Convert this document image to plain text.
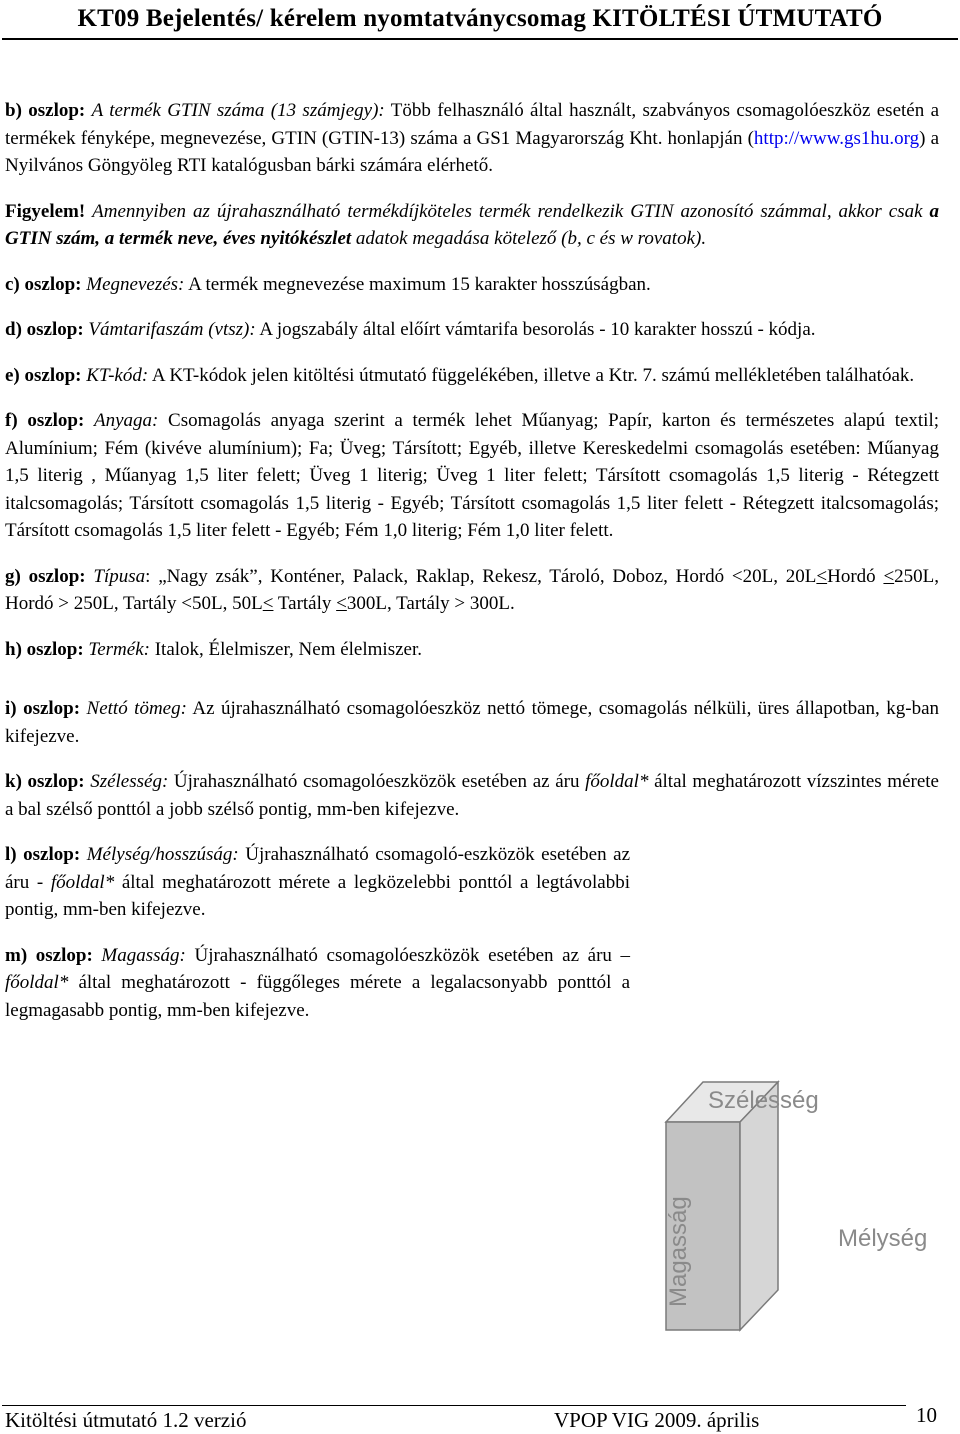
KT09 Bejelentés/ kérelem nyomtatványcsomag KITÖLTÉSI ÚTMUTATÓ

b) oszlop: A termék GTIN száma (13 számjegy): Több felhasználó által használt, szabványos csomagolóeszköz esetén a termékek fényképe, megnevezése, GTIN (GTIN-13) száma a GS1 Magyarország Kht. honlapján (http://www.gs1hu.org) a Nyilvános Göngyöleg RTI katalógusban bárki számára elérhető.

Figyelem! Amennyiben az újrahasználható termékdíjköteles termék rendelkezik GTIN azonosító számmal, akkor csak a GTIN szám, a termék neve, éves nyitókészlet adatok megadása kötelező (b, c és w rovatok).

c) oszlop: Megnevezés: A termék megnevezése maximum 15 karakter hosszúságban.

d) oszlop: Vámtarifaszám (vtsz): A jogszabály által előírt vámtarifa besorolás - 10 karakter hosszú - kódja.

e) oszlop: KT-kód: A KT-kódok jelen kitöltési útmutató függelékében, illetve a Ktr. 7. számú mellékletében találhatóak.

f) oszlop: Anyaga: Csomagolás anyaga szerint a termék lehet Műanyag; Papír, karton és természetes alapú textil; Alumínium; Fém (kivéve alumínium); Fa; Üveg; Társított; Egyéb, illetve Kereskedelmi csomagolás esetében: Műanyag 1,5 literig , Műanyag 1,5 liter felett; Üveg 1 literig; Üveg 1 liter felett; Társított csomagolás 1,5 literig - Rétegzett italcsomagolás; Társított csomagolás 1,5 literig - Egyéb; Társított csomagolás 1,5 liter felett - Rétegzett italcsomagolás; Társított csomagolás 1,5 liter felett - Egyéb; Fém 1,0 literig; Fém 1,0 liter felett.

g) oszlop: Típusa: „Nagy zsák”, Konténer, Palack, Raklap, Rekesz, Tároló, Doboz, Hordó <20L, 20L<Hordó <250L, Hordó > 250L, Tartály <50L, 50L< Tartály <300L, Tartály > 300L.

h) oszlop: Termék: Italok, Élelmiszer, Nem élelmiszer.

i) oszlop: Nettó tömeg: Az újrahasználható csomagolóeszköz nettó tömege, csomagolás nélküli, üres állapotban, kg-ban kifejezve.

k) oszlop: Szélesség: Újrahasználható csomagolóeszközök esetében az áru főoldal* által meghatározott vízszintes mérete a bal szélső ponttól a jobb szélső pontig, mm-ben kifejezve.

l) oszlop: Mélység/hosszúság: Újrahasználható csomagoló-eszközök esetében az áru - főoldal* által meghatározott mérete a legközelebbi ponttól a legtávolabbi pontig, mm-ben kifejezve.

m) oszlop: Magasság: Újrahasználható csomagolóeszközök esetében az áru – főoldal* által meghatározott - függőleges mérete a legalacsonyabb ponttól a legmagasabb pontig, mm-ben kifejezve.

Szélesség
Mélység
Magasság
Kitöltési útmutató 1.2 verzió	VPOP VIG 2009. április	10
